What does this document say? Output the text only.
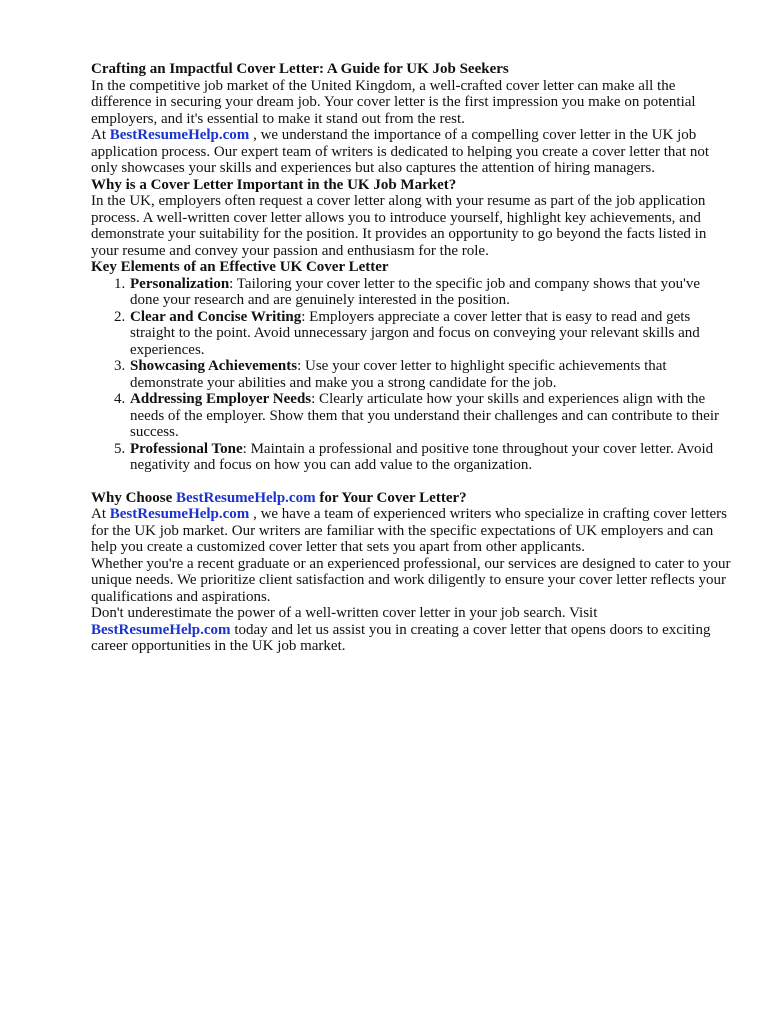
Crafting an Impactful Cover Letter: A Guide for UK Job Seekers

In the competitive job market of the United Kingdom, a well-crafted cover letter can make all the difference in securing your dream job. Your cover letter is the first impression you make on potential employers, and it's essential to make it stand out from the rest.

At BestResumeHelp.com , we understand the importance of a compelling cover letter in the UK job application process. Our expert team of writers is dedicated to helping you create a cover letter that not only showcases your skills and experiences but also captures the attention of hiring managers.

Why is a Cover Letter Important in the UK Job Market?

In the UK, employers often request a cover letter along with your resume as part of the job application process. A well-written cover letter allows you to introduce yourself, highlight key achievements, and demonstrate your suitability for the position. It provides an opportunity to go beyond the facts listed in your resume and convey your passion and enthusiasm for the role.

Key Elements of an Effective UK Cover Letter

1. Personalization: Tailoring your cover letter to the specific job and company shows that you've done your research and are genuinely interested in the position.
2. Clear and Concise Writing: Employers appreciate a cover letter that is easy to read and gets straight to the point. Avoid unnecessary jargon and focus on conveying your relevant skills and experiences.
3. Showcasing Achievements: Use your cover letter to highlight specific achievements that demonstrate your abilities and make you a strong candidate for the job.
4. Addressing Employer Needs: Clearly articulate how your skills and experiences align with the needs of the employer. Show them that you understand their challenges and can contribute to their success.
5. Professional Tone: Maintain a professional and positive tone throughout your cover letter. Avoid negativity and focus on how you can add value to the organization.

Why Choose BestResumeHelp.com for Your Cover Letter?

At BestResumeHelp.com , we have a team of experienced writers who specialize in crafting cover letters for the UK job market. Our writers are familiar with the specific expectations of UK employers and can help you create a customized cover letter that sets you apart from other applicants.

Whether you're a recent graduate or an experienced professional, our services are designed to cater to your unique needs. We prioritize client satisfaction and work diligently to ensure your cover letter reflects your qualifications and aspirations.

Don't underestimate the power of a well-written cover letter in your job search. Visit BestResumeHelp.com today and let us assist you in creating a cover letter that opens doors to exciting career opportunities in the UK job market.
